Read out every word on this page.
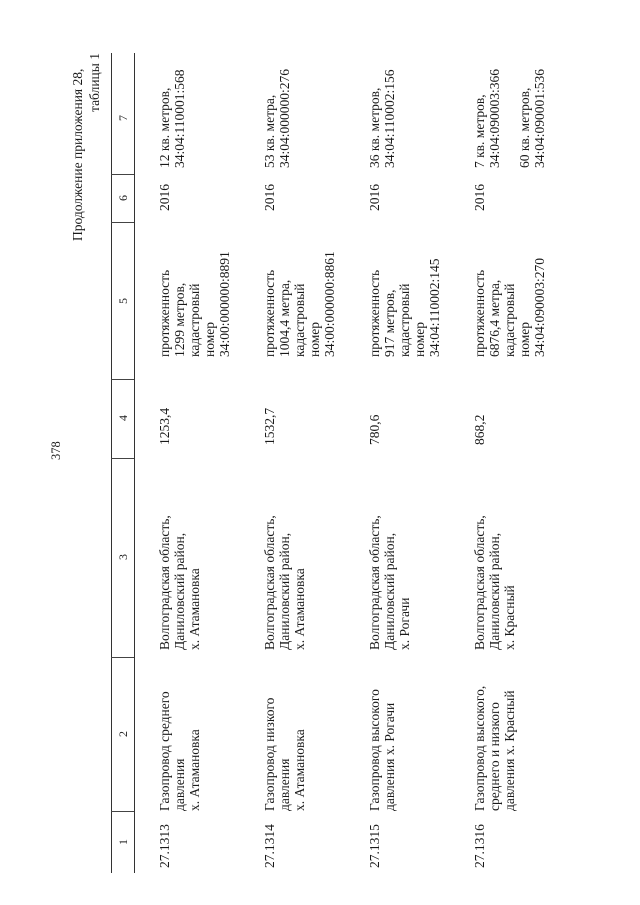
378
Продолжение приложения 28, таблицы 1
1
2
3
4
5
6
7
27.1313
Газопровод среднего
давления
х. Атамановка
Волгоградская область,
Даниловский район,
х. Атамановка
1253,4
протяженность
1299 метров,
кадастровый
номер
34:00:000000:8891
2016
12 кв. метров,
34:04:110001:568
27.1314
Газопровод низкого
давления
х. Атамановка
Волгоградская область,
Даниловский район,
х. Атамановка
1532,7
протяженность
1004,4 метра,
кадастровый
номер
34:00:000000:8861
2016
53 кв. метра,
34:04:000000:276
27.1315
Газопровод высокого
давления х. Рогачи
Волгоградская область,
Даниловский район,
х. Рогачи
780,6
протяженность
917 метров,
кадастровый
номер
34:04:110002:145
2016
36 кв. метров,
34:04:110002:156
27.1316
Газопровод высокого,
среднего и низкого
давления х. Красный
Волгоградская область,
Даниловский район,
х. Красный
868,2
протяженность
6876,4 метра,
кадастровый
номер
34:04:090003:270
2016
7 кв. метров,
34:04:090003:366

60 кв. метров,
34:04:090001:536
